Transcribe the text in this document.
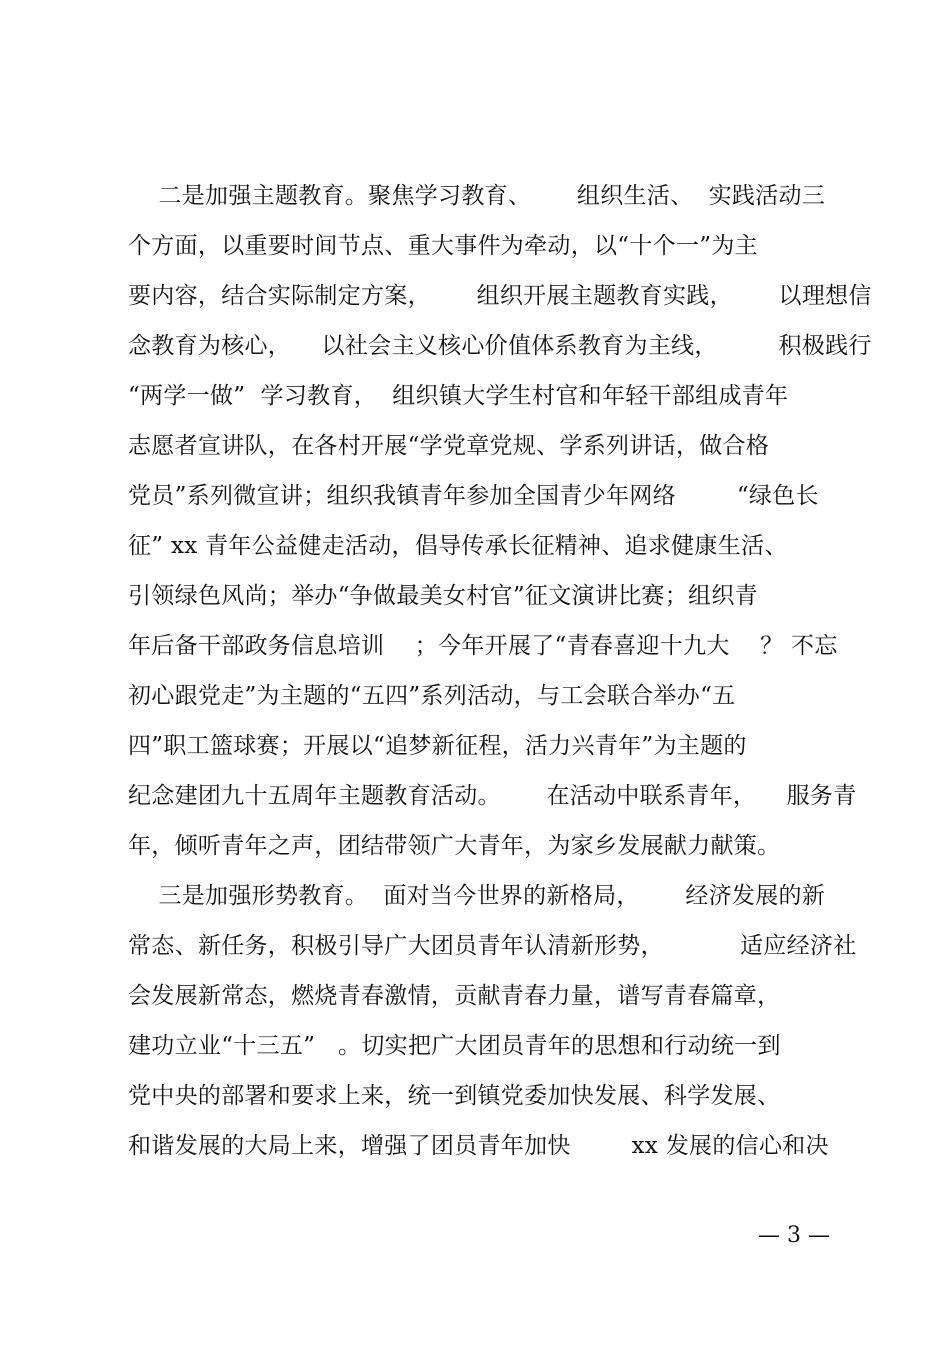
二是加强主题教育。聚焦学习教育、      组织生活、  实践活动三
个方面，以重要时间节点、重大事件为牵动，以“十个一”为主
要内容，结合实际制定方案，      组织开展主题教育实践，      以理想信
念教育为核心，    以社会主义核心价值体系教育为主线，        积极践行
“两学一做”  学习教育，  组织镇大学生村官和年轻干部组成青年
志愿者宣讲队，在各村开展“学党章党规、学系列讲话，做合格
党员”系列微宣讲；组织我镇青年参加全国青少年网络        “绿色长
征” xx 青年公益健走活动，倡导传承长征精神、追求健康生活、
引领绿色风尚；举办“争做最美女村官”征文演讲比赛；组织青
年后备干部政务信息培训    ；今年开展了“青春喜迎十九大    ？ 不忘
初心跟党走”为主题的“五四”系列活动，与工会联合举办“五
四”职工篮球赛；开展以“追梦新征程，活力兴青年”为主题的
纪念建团九十五周年主题教育活动。      在活动中联系青年，    服务青
年，倾听青年之声，团结带领广大青年，为家乡发展献力献策。
三是加强形势教育。  面对当今世界的新格局，      经济发展的新
常态、新任务，积极引导广大团员青年认清新形势，          适应经济社
会发展新常态，燃烧青春激情，贡献青春力量，谱写青春篇章，
建功立业“十三五”   。切实把广大团员青年的思想和行动统一到
党中央的部署和要求上来，统一到镇党委加快发展、科学发展、
和谐发展的大局上来，增强了团员青年加快        xx 发展的信心和决
— 3 —
